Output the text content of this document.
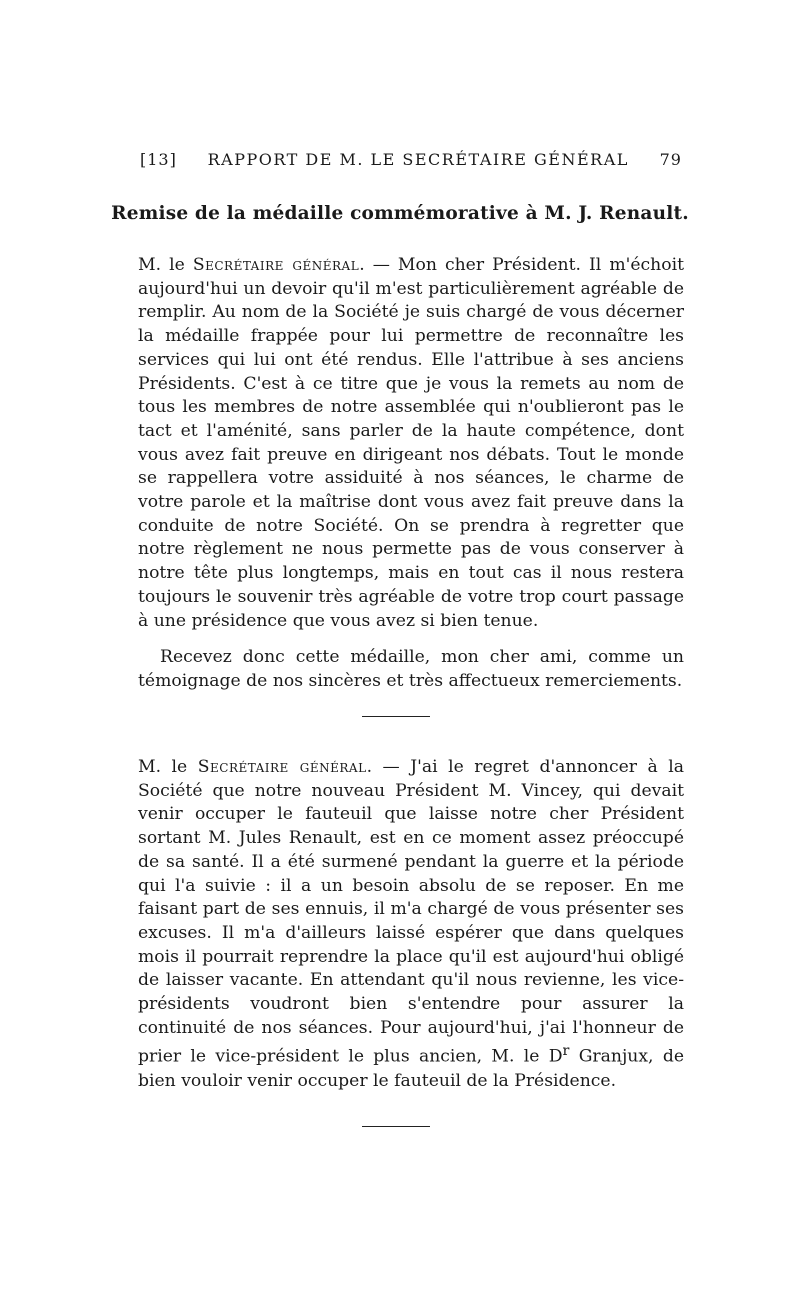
[13] RAPPORT DE M. LE SECRÉTAIRE GÉNÉRAL 79
Remise de la médaille commémorative à M. J. Renault.

M. le Secrétaire général. — Mon cher Président. Il m'échoit aujourd'hui un devoir qu'il m'est particulièrement agréable de remplir. Au nom de la Société je suis chargé de vous décerner la médaille frappée pour lui permettre de reconnaître les services qui lui ont été rendus. Elle l'attribue à ses anciens Présidents. C'est à ce titre que je vous la remets au nom de tous les membres de notre assemblée qui n'oublieront pas le tact et l'aménité, sans parler de la haute compétence, dont vous avez fait preuve en dirigeant nos débats. Tout le monde se rappellera votre assiduité à nos séances, le charme de votre parole et la maîtrise dont vous avez fait preuve dans la conduite de notre Société. On se prendra à regretter que notre règlement ne nous permette pas de vous conserver à notre tête plus longtemps, mais en tout cas il nous restera toujours le souvenir très agréable de votre trop court passage à une présidence que vous avez si bien tenue.

Recevez donc cette médaille, mon cher ami, comme un témoignage de nos sincères et très affectueux remerciements.

M. le Secrétaire général. — J'ai le regret d'annoncer à la Société que notre nouveau Président M. Vincey, qui devait venir occuper le fauteuil que laisse notre cher Président sortant M. Jules Renault, est en ce moment assez préoccupé de sa santé. Il a été surmené pendant la guerre et la période qui l'a suivie : il a un besoin absolu de se reposer. En me faisant part de ses ennuis, il m'a chargé de vous présenter ses excuses. Il m'a d'ailleurs laissé espérer que dans quelques mois il pourrait reprendre la place qu'il est aujourd'hui obligé de laisser vacante. En attendant qu'il nous revienne, les vice-présidents voudront bien s'entendre pour assurer la continuité de nos séances. Pour aujourd'hui, j'ai l'honneur de prier le vice-président le plus ancien, M. le $D^r$ Granjux, de bien vouloir venir occuper le fauteuil de la Présidence.
